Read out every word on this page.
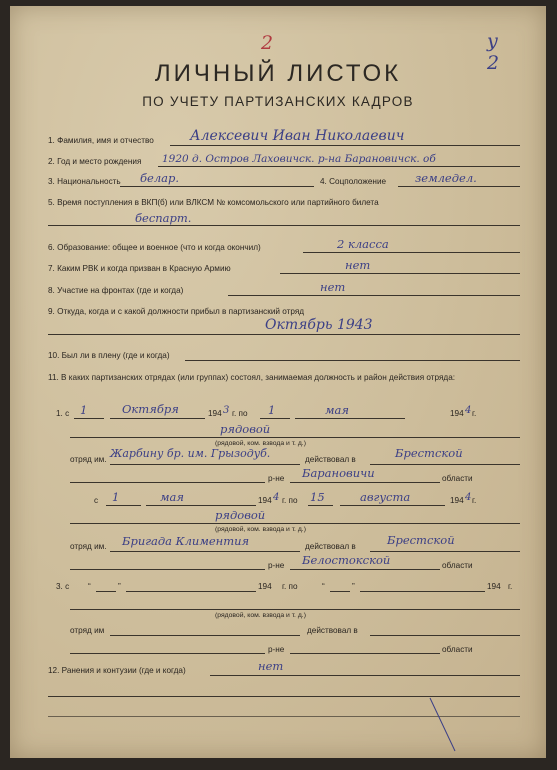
2	у 2
ЛИЧНЫЙ ЛИСТОК
ПО УЧЕТУ ПАРТИЗАНСКИХ КАДРОВ
1. Фамилия, имя и отчество	Алексевич Иван Николаевич
2. Год и место рождения 1920 д. Остров Лаховичск. р-на Барановичск. об
3. Национальность белар.	4. Соцположение	земледел.
5. Время поступления в ВКП(б) или ВЛКСМ № комсомольского или партийного билета
беспарт.
6. Образование: общее и военное (что и когда окончил)	2 класса
7. Каким РВК и когда призван в Красную Армию	нет
8. Участие на фронтах (где и когда)	нет
9. Откуда, когда и с какой должности прибыл в партизанский отряд
Октябрь 1943
10. Был ли в плену (где и когда)
11. В каких партизанских отрядах (или группах) состоял, занимаемая должность и район действия отряда:
1. с 1	Октября	194 3 г. по 1	мая	194 4 г.
рядовой
(рядовой, ком. взвода и т. д.)
отряд им. Жарбину бр. им. Грызодуб.	действовал в	Брестской
р-не Барановичи	области
с 1	мая	194 4 г. по 15	августа	194 4 г.
рядовой
(рядовой, ком. взвода и т. д.)
отряд им. Бригада Климентия	действовал в	Брестской
р-не Белостокской	области
3. с “	”	194 г. по	“	”	194 г.
(рядовой, ком. взвода и т. д.)
отряд им	действовал в
р-не	области
12. Ранения и контузии (где и когда)	нет
